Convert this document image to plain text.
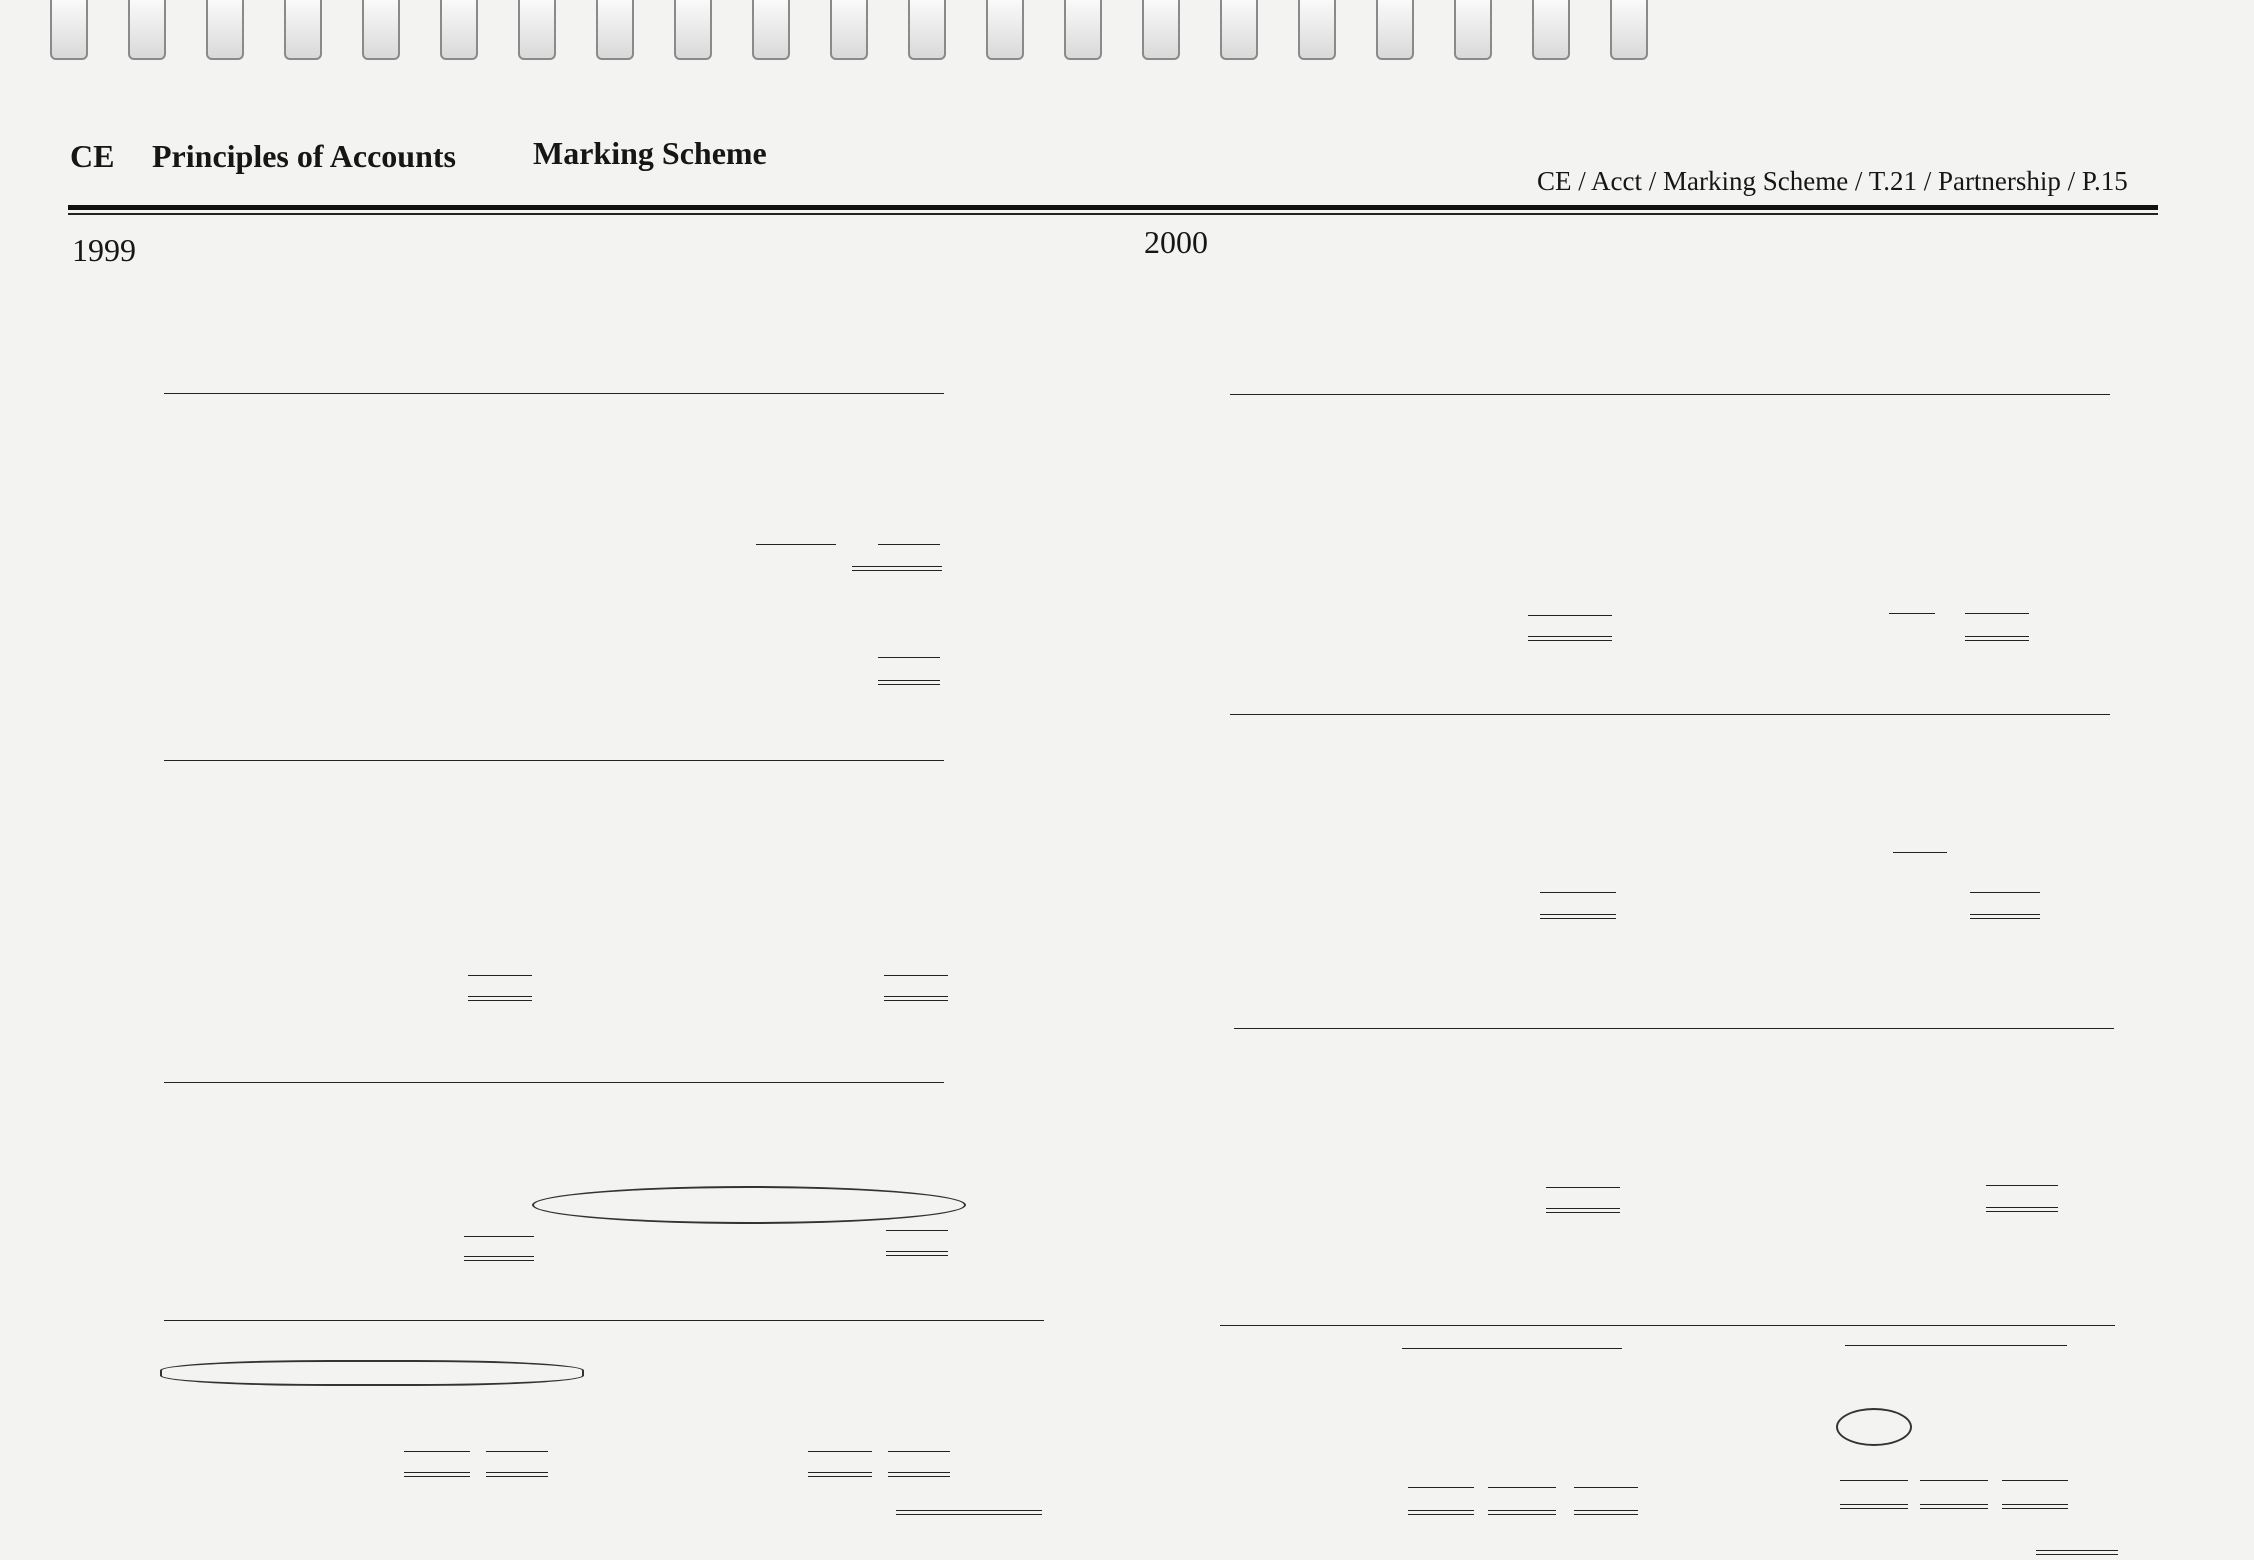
CE Principles of Accounts Marking Scheme
CE / Acct / Marking Scheme / T.21 / Partnership / P.15
1999	2000
